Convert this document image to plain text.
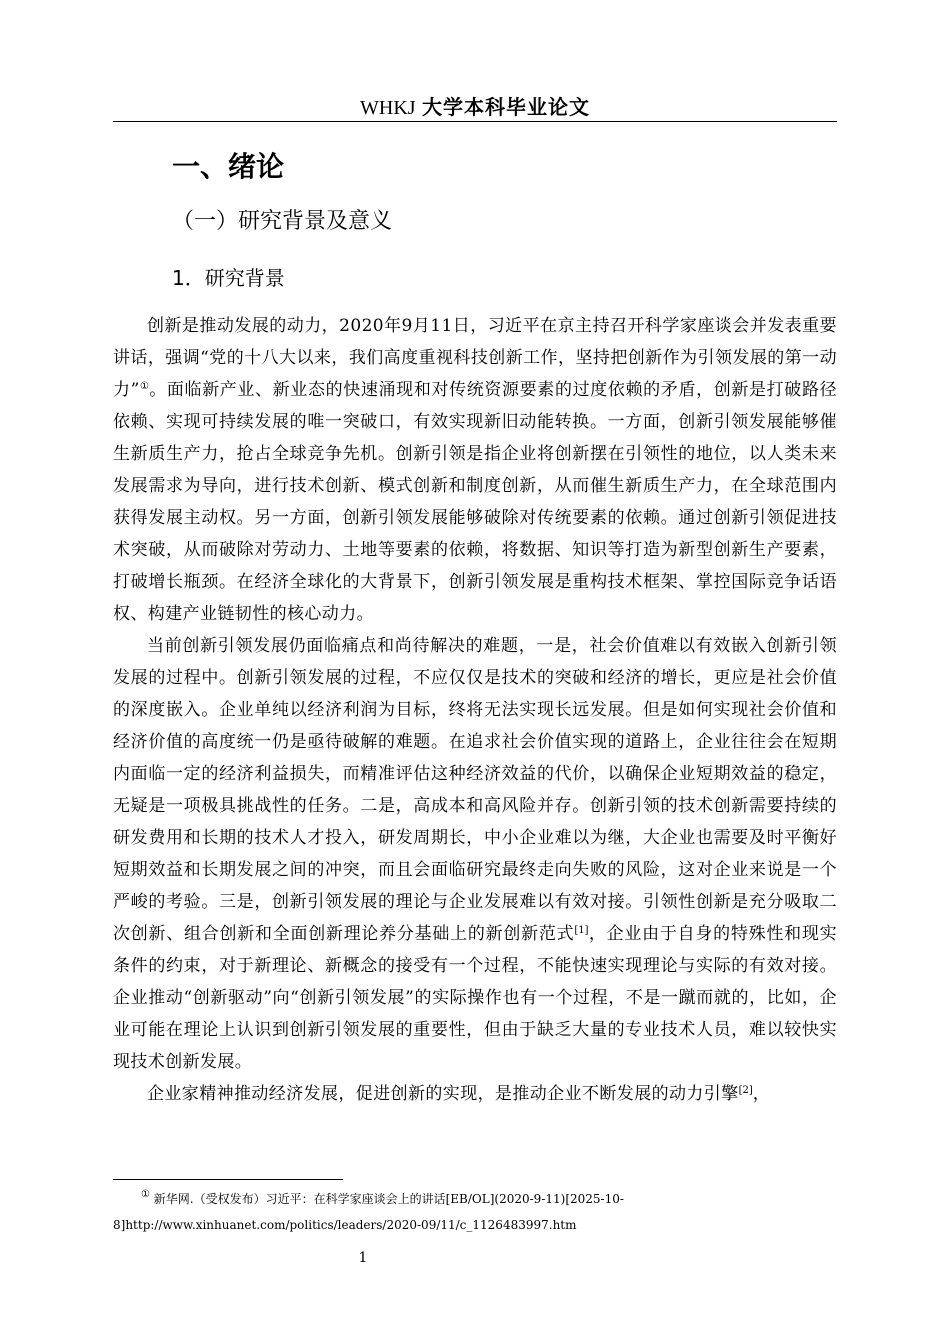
WHKJ 大学本科毕业论文
一、绪论
（一）研究背景及意义
1．研究背景

创新是推动发展的动力，2020年9月11日，习近平在京主持召开科学家座谈会并发表重要讲话，强调“党的十八大以来，我们高度重视科技创新工作，坚持把创新作为引领发展的第一动力”①。面临新产业、新业态的快速涌现和对传统资源要素的过度依赖的矛盾，创新是打破路径依赖、实现可持续发展的唯一突破口，有效实现新旧动能转换。一方面，创新引领发展能够催生新质生产力，抢占全球竞争先机。创新引领是指企业将创新摆在引领性的地位，以人类未来发展需求为导向，进行技术创新、模式创新和制度创新，从而催生新质生产力，在全球范围内获得发展主动权。另一方面，创新引领发展能够破除对传统要素的依赖。通过创新引领促进技术突破，从而破除对劳动力、土地等要素的依赖，将数据、知识等打造为新型创新生产要素，打破增长瓶颈。在经济全球化的大背景下，创新引领发展是重构技术框架、掌控国际竞争话语权、构建产业链韧性的核心动力。

当前创新引领发展仍面临痛点和尚待解决的难题，一是，社会价值难以有效嵌入创新引领发展的过程中。创新引领发展的过程，不应仅仅是技术的突破和经济的增长，更应是社会价值的深度嵌入。企业单纯以经济利润为目标，终将无法实现长远发展。但是如何实现社会价值和经济价值的高度统一仍是亟待破解的难题。在追求社会价值实现的道路上，企业往往会在短期内面临一定的经济利益损失，而精准评估这种经济效益的代价，以确保企业短期效益的稳定，无疑是一项极具挑战性的任务。二是，高成本和高风险并存。创新引领的技术创新需要持续的研发费用和长期的技术人才投入，研发周期长，中小企业难以为继，大企业也需要及时平衡好短期效益和长期发展之间的冲突，而且会面临研究最终走向失败的风险，这对企业来说是一个严峻的考验。三是，创新引领发展的理论与企业发展难以有效对接。引领性创新是充分吸取二次创新、组合创新和全面创新理论养分基础上的新创新范式[1]，企业由于自身的特殊性和现实条件的约束，对于新理论、新概念的接受有一个过程，不能快速实现理论与实际的有效对接。企业推动“创新驱动”向“创新引领发展”的实际操作也有一个过程，不是一蹴而就的，比如，企业可能在理论上认识到创新引领发展的重要性，但由于缺乏大量的专业技术人员，难以较快实现技术创新发展。

企业家精神推动经济发展，促进创新的实现，是推动企业不断发展的动力引擎[2]，

① 新华网.（受权发布）习近平：在科学家座谈会上的讲话[EB/OL](2020-9-11)[2025-10-
8]http://www.xinhuanet.com/politics/leaders/2020-09/11/c_1126483997.htm
1
